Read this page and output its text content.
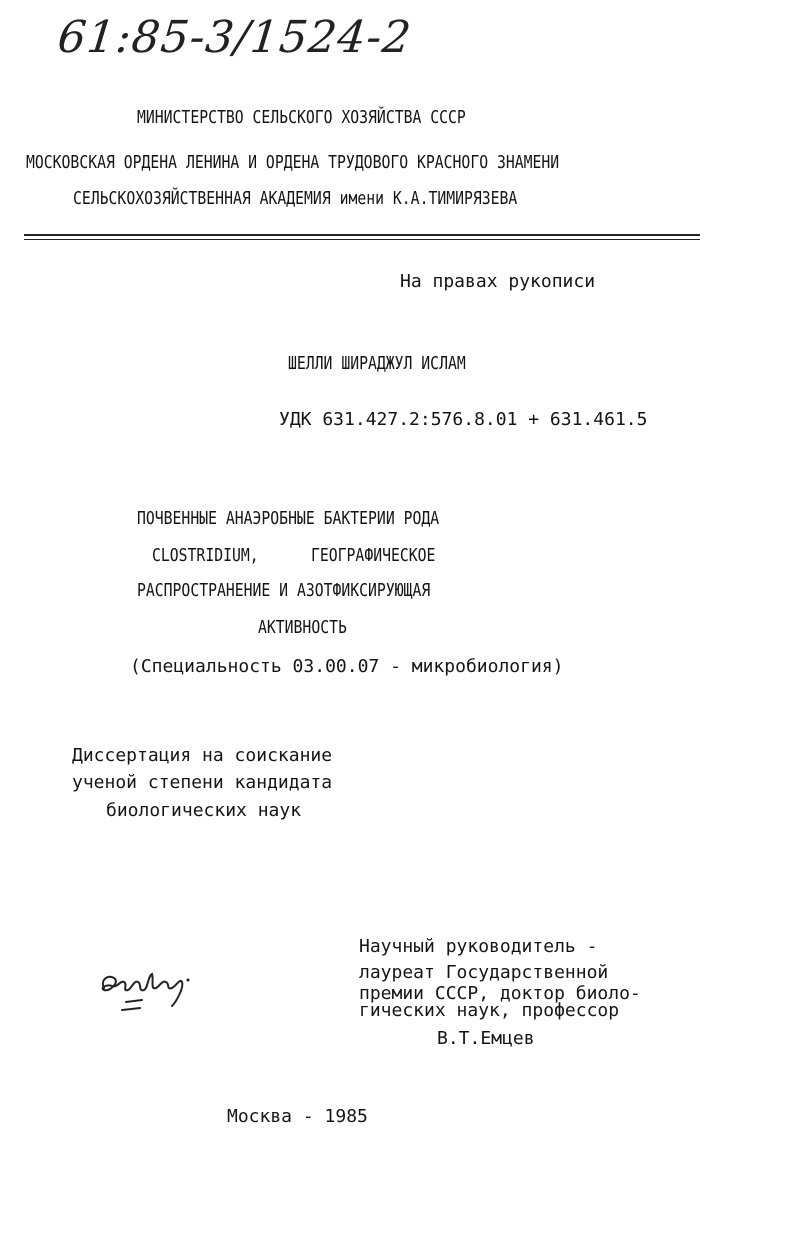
61:85-3/1524-2
МИНИСТЕРСТВО СЕЛЬСКОГО ХОЗЯЙСТВА СССР
МОСКОВСКАЯ ОРДЕНА ЛЕНИНА И ОРДЕНА ТРУДОВОГО КРАСНОГО ЗНАМЕНИ
СЕЛЬСКОХОЗЯЙСТВЕННАЯ АКАДЕМИЯ имени К.А.ТИМИРЯЗЕВА
На правах рукописи
ШЕЛЛИ ШИРАДЖУЛ ИСЛАМ
УДК 631.427.2:576.8.01 + 631.461.5
ПОЧВЕННЫЕ АНАЭРОБНЫЕ БАКТЕРИИ РОДА
CLOSTRIDIUM,	ГЕОГРАФИЧЕСКОЕ
РАСПРОСТРАНЕНИЕ И АЗОТФИКСИРУЮЩАЯ
АКТИВНОСТЬ
(Специальность 03.00.07 - микробиология)
Диссертация на соискание
ученой степени кандидата
биологических наук
Научный руководитель -
лауреат Государственной
премии СССР, доктор биоло-
гических наук, профессор
В.Т.Емцев
Москва - 1985
